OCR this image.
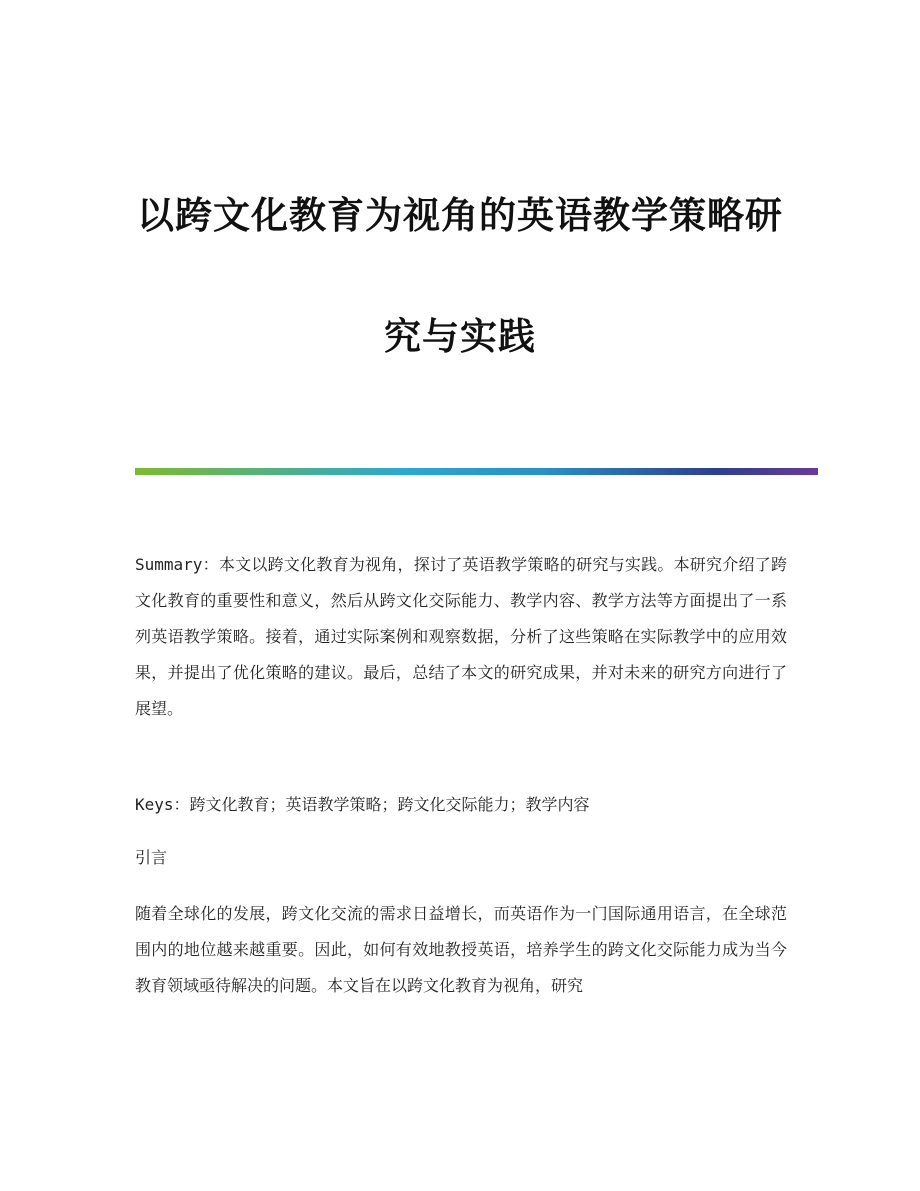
以跨文化教育为视角的英语教学策略研
究与实践

Summary：本文以跨文化教育为视角，探讨了英语教学策略的研究与实践。本研究介绍了跨文化教育的重要性和意义，然后从跨文化交际能力、教学内容、教学方法等方面提出了一系列英语教学策略。接着，通过实际案例和观察数据，分析了这些策略在实际教学中的应用效果，并提出了优化策略的建议。最后，总结了本文的研究成果，并对未来的研究方向进行了展望。

Keys：跨文化教育；英语教学策略；跨文化交际能力；教学内容

引言

随着全球化的发展，跨文化交流的需求日益增长，而英语作为一门国际通用语言，在全球范围内的地位越来越重要。因此，如何有效地教授英语，培养学生的跨文化交际能力成为当今教育领域亟待解决的问题。本文旨在以跨文化教育为视角，研究
